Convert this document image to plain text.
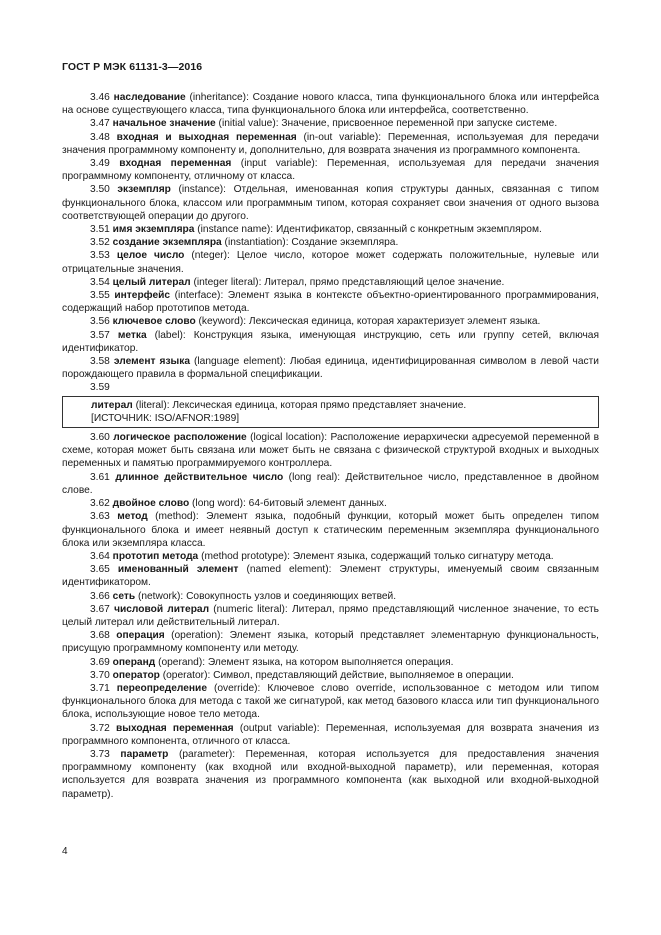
ГОСТ Р МЭК 61131-3—2016

3.46 наследование (inheritance): Создание нового класса, типа функционального блока или интерфейса на основе существующего класса, типа функционального блока или интерфейса, соответственно.

3.47 начальное значение (initial value): Значение, присвоенное переменной при запуске системе.

3.48 входная и выходная переменная (in-out variable): Переменная, используемая для передачи значения программному компоненту и, дополнительно, для возврата значения из программного компонента.

3.49 входная переменная (input variable): Переменная, используемая для передачи значения программному компоненту, отличному от класса.

3.50 экземпляр (instance): Отдельная, именованная копия структуры данных, связанная с типом функционального блока, классом или программным типом, которая сохраняет свои значения от одного вызова соответствующей операции до другого.

3.51 имя экземпляра (instance name): Идентификатор, связанный с конкретным экземпляром.

3.52 создание экземпляра (instantiation): Создание экземпляра.

3.53 целое число (nteger): Целое число, которое может содержать положительные, нулевые или отрицательные значения.

3.54 целый литерал (integer literal): Литерал, прямо представляющий целое значение.

3.55 интерфейс (interface): Элемент языка в контексте объектно-ориентированного программирования, содержащий набор прототипов метода.

3.56 ключевое слово (keyword): Лексическая единица, которая характеризует элемент языка.

3.57 метка (label): Конструкция языка, именующая инструкцию, сеть или группу сетей, включая идентификатор.

3.58 элемент языка (language element): Любая единица, идентифицированная символом в левой части порождающего правила в формальной спецификации.

3.59

литерал (literal): Лексическая единица, которая прямо представляет значение.

[ИСТОЧНИК: ISO/AFNOR:1989]

3.60 логическое расположение (logical location): Расположение иерархически адресуемой переменной в схеме, которая может быть связана или может быть не связана с физической структурой входных и выходных переменных и памятью программируемого контроллера.

3.61 длинное действительное число (long real): Действительное число, представленное в двойном слове.

3.62 двойное слово (long word): 64-битовый элемент данных.

3.63 метод (method): Элемент языка, подобный функции, который может быть определен типом функционального блока и имеет неявный доступ к статическим переменным экземпляра функционального блока или экземпляра класса.

3.64 прототип метода (method prototype): Элемент языка, содержащий только сигнатуру метода.

3.65 именованный элемент (named element): Элемент структуры, именуемый своим связанным идентификатором.

3.66 сеть (network): Совокупность узлов и соединяющих ветвей.

3.67 числовой литерал (numeric literal): Литерал, прямо представляющий численное значение, то есть целый литерал или действительный литерал.

3.68 операция (operation): Элемент языка, который представляет элементарную функциональность, присущую программному компоненту или методу.

3.69 операнд (operand): Элемент языка, на котором выполняется операция.

3.70 оператор (operator): Символ, представляющий действие, выполняемое в операции.

3.71 переопределение (override): Ключевое слово override, использованное с методом или типом функционального блока для метода с такой же сигнатурой, как метод базового класса или тип функционального блока, использующие новое тело метода.

3.72 выходная переменная (output variable): Переменная, используемая для возврата значения из программного компонента, отличного от класса.

3.73 параметр (parameter): Переменная, которая используется для предоставления значения программному компоненту (как входной или входной-выходной параметр), или переменная, которая используется для возврата значения из программного компонента (как выходной или входной-выходной параметр).

4
